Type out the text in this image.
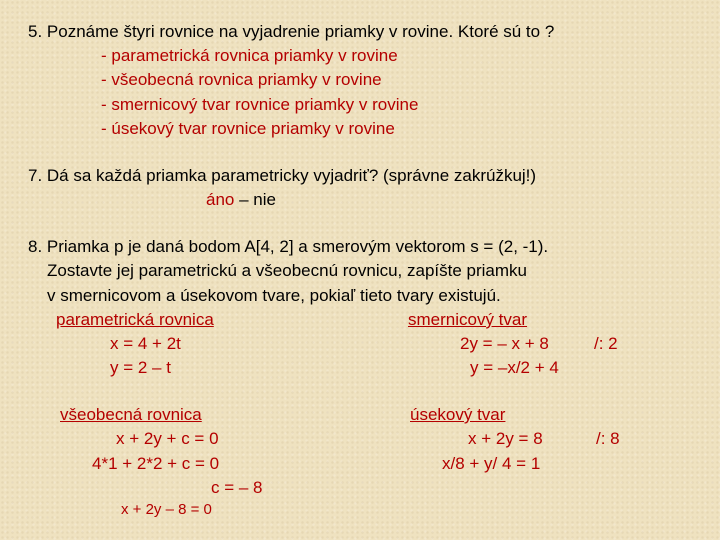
5. Poznáme štyri rovnice na vyjadrenie priamky v rovine. Ktoré sú to ?
- parametrická rovnica priamky v rovine
- všeobecná rovnica priamky v rovine
- smernicový tvar rovnice priamky v rovine
- úsekový tvar rovnice priamky v rovine
7. Dá sa každá priamka parametricky vyjadriť? (správne zakrúžkuj!)
áno – nie
8. Priamka p je daná bodom A[4, 2] a smerovým vektorom s = (2, -1).
Zostavte jej parametrickú a všeobecnú rovnicu, zapíšte priamku
v smernicovom a úsekovom tvare, pokiaľ tieto tvary existujú.
parametrická rovnica
x = 4 + 2t
y = 2 – t
smernicový tvar
2y = – x + 8	/: 2
y = –x/2 + 4
všeobecná rovnica
x + 2y + c = 0
4*1 + 2*2 + c = 0
c = – 8
x + 2y – 8 = 0
úsekový tvar
x + 2y = 8	/: 8
x/8 + y/ 4 = 1
